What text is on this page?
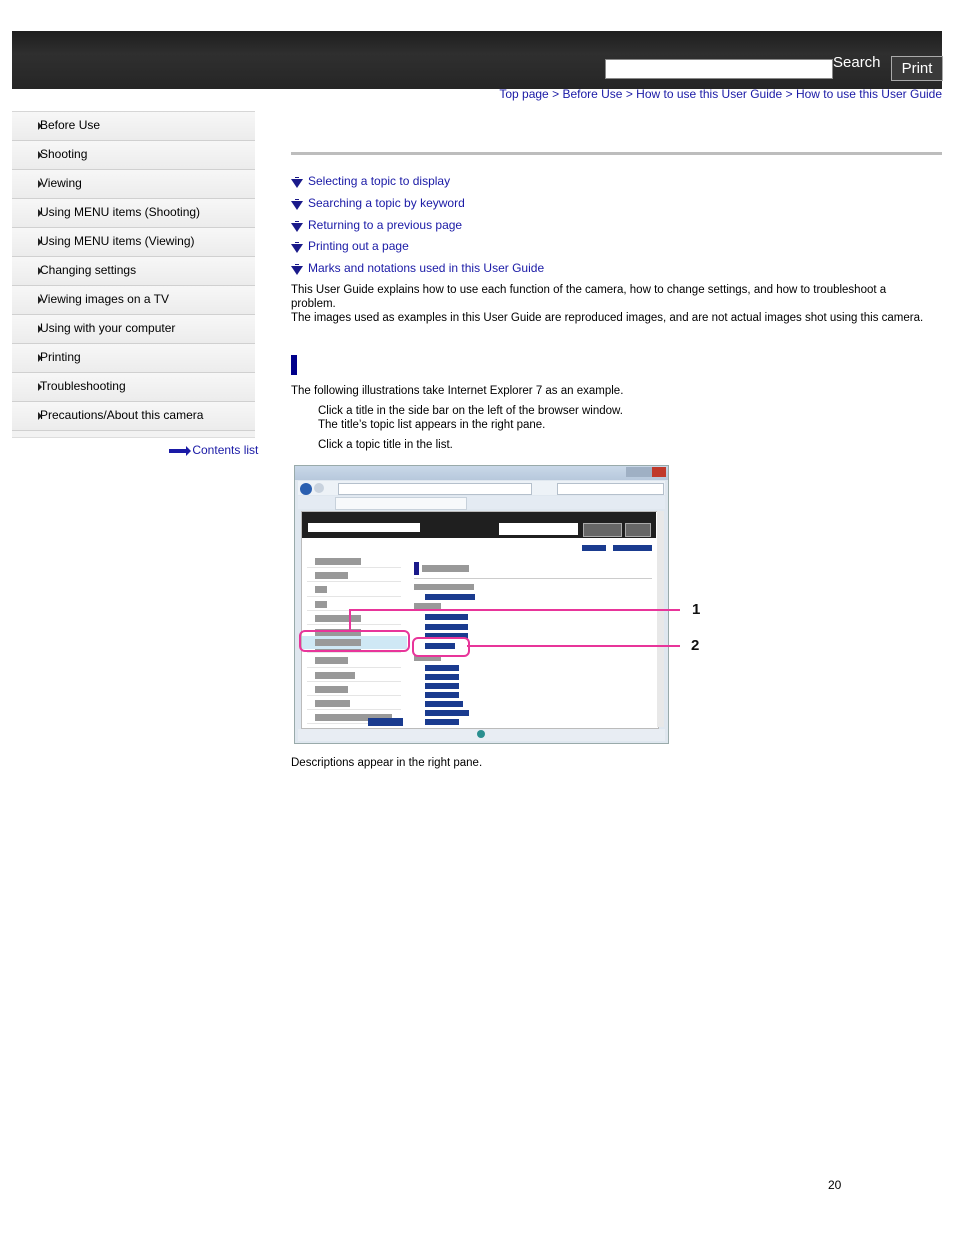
Search	Print
Top page > Before Use > How to use this User Guide > How to use this User Guide
Before Use
Shooting
Viewing
Using MENU items (Shooting)
Using MENU items (Viewing)
Changing settings
Viewing images on a TV
Using with your computer
Printing
Troubleshooting
Precautions/About this camera
Contents list
Selecting a topic to display
Searching a topic by keyword
Returning to a previous page
Printing out a page
Marks and notations used in this User Guide
This User Guide explains how to use each function of the camera, how to change settings, and how to troubleshoot a
problem.
The images used as examples in this User Guide are reproduced images, and are not actual images shot using this camera.
The following illustrations take Internet Explorer 7 as an example.
Click a title in the side bar on the left of the browser window.
The title’s topic list appears in the right pane.
Click a topic title in the list.
1
2
Descriptions appear in the right pane.
20
